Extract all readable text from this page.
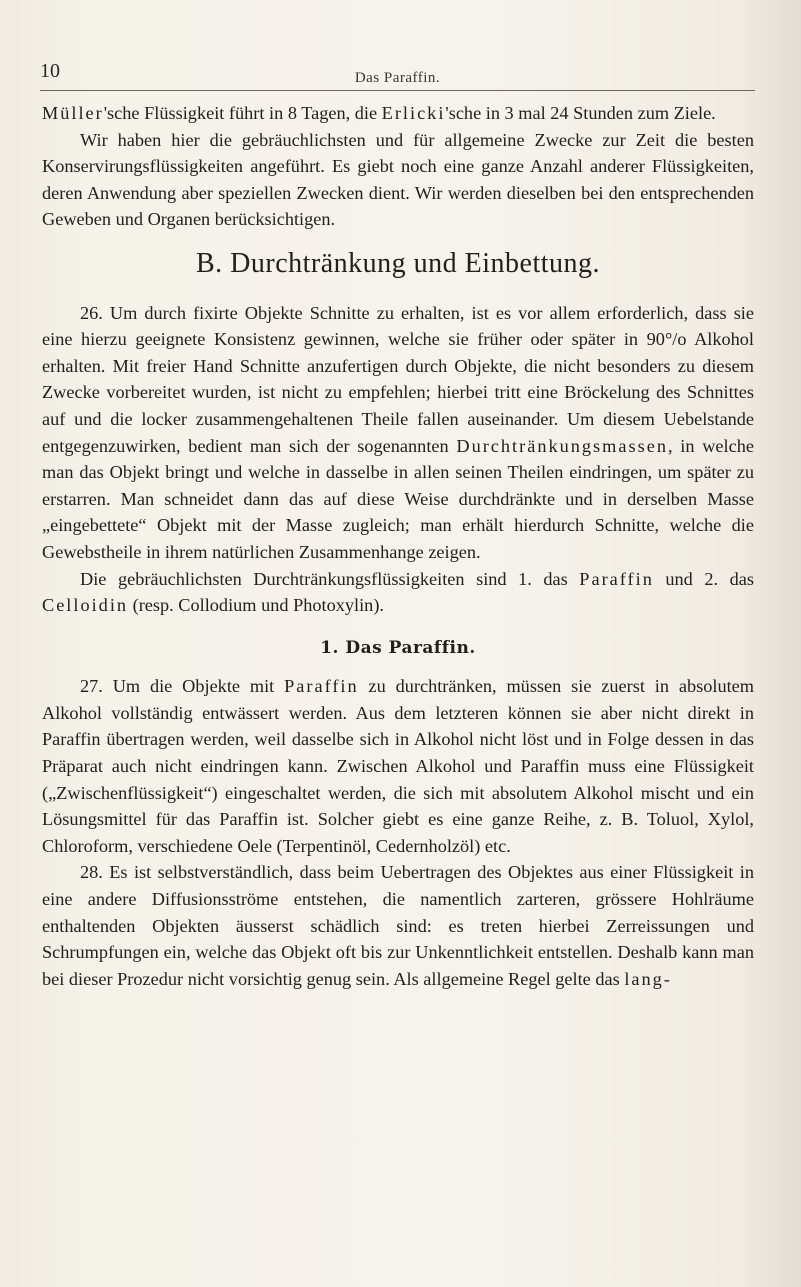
10	Das Paraffin.

Müller'sche Flüssigkeit führt in 8 Tagen, die Erlicki'sche in 3 mal 24 Stunden zum Ziele.

Wir haben hier die gebräuchlichsten und für allgemeine Zwecke zur Zeit die besten Konservirungsflüssigkeiten angeführt. Es giebt noch eine ganze Anzahl anderer Flüssigkeiten, deren Anwendung aber speziellen Zwecken dient. Wir werden dieselben bei den entsprechenden Geweben und Organen berücksichtigen.

B. Durchtränkung und Einbettung.

26. Um durch fixirte Objekte Schnitte zu erhalten, ist es vor allem erforderlich, dass sie eine hierzu geeignete Konsistenz gewinnen, welche sie früher oder später in 90°/o Alkohol erhalten. Mit freier Hand Schnitte anzufertigen durch Objekte, die nicht besonders zu diesem Zwecke vorbereitet wurden, ist nicht zu empfehlen; hierbei tritt eine Bröckelung des Schnittes auf und die locker zusammengehaltenen Theile fallen auseinander. Um diesem Uebelstande entgegenzuwirken, bedient man sich der sogenannten Durchtränkungsmassen, in welche man das Objekt bringt und welche in dasselbe in allen seinen Theilen eindringen, um später zu erstarren. Man schneidet dann das auf diese Weise durchdränkte und in derselben Masse „eingebettete“ Objekt mit der Masse zugleich; man erhält hierdurch Schnitte, welche die Gewebstheile in ihrem natürlichen Zusammenhange zeigen.

Die gebräuchlichsten Durchtränkungsflüssigkeiten sind 1. das Paraffin und 2. das Celloidin (resp. Collodium und Photoxylin).

1. Das Paraffin.

27. Um die Objekte mit Paraffin zu durchtränken, müssen sie zuerst in absolutem Alkohol vollständig entwässert werden. Aus dem letzteren können sie aber nicht direkt in Paraffin übertragen werden, weil dasselbe sich in Alkohol nicht löst und in Folge dessen in das Präparat auch nicht eindringen kann. Zwischen Alkohol und Paraffin muss eine Flüssigkeit („Zwischenflüssigkeit“) eingeschaltet werden, die sich mit absolutem Alkohol mischt und ein Lösungsmittel für das Paraffin ist. Solcher giebt es eine ganze Reihe, z. B. Toluol, Xylol, Chloroform, verschiedene Oele (Terpentinöl, Cedernholzöl) etc.

28. Es ist selbstverständlich, dass beim Uebertragen des Objektes aus einer Flüssigkeit in eine andere Diffusionsströme entstehen, die namentlich zarteren, grössere Hohlräume enthaltenden Objekten äusserst schädlich sind: es treten hierbei Zerreissungen und Schrumpfungen ein, welche das Objekt oft bis zur Unkenntlichkeit entstellen. Deshalb kann man bei dieser Prozedur nicht vorsichtig genug sein. Als allgemeine Regel gelte das lang-
